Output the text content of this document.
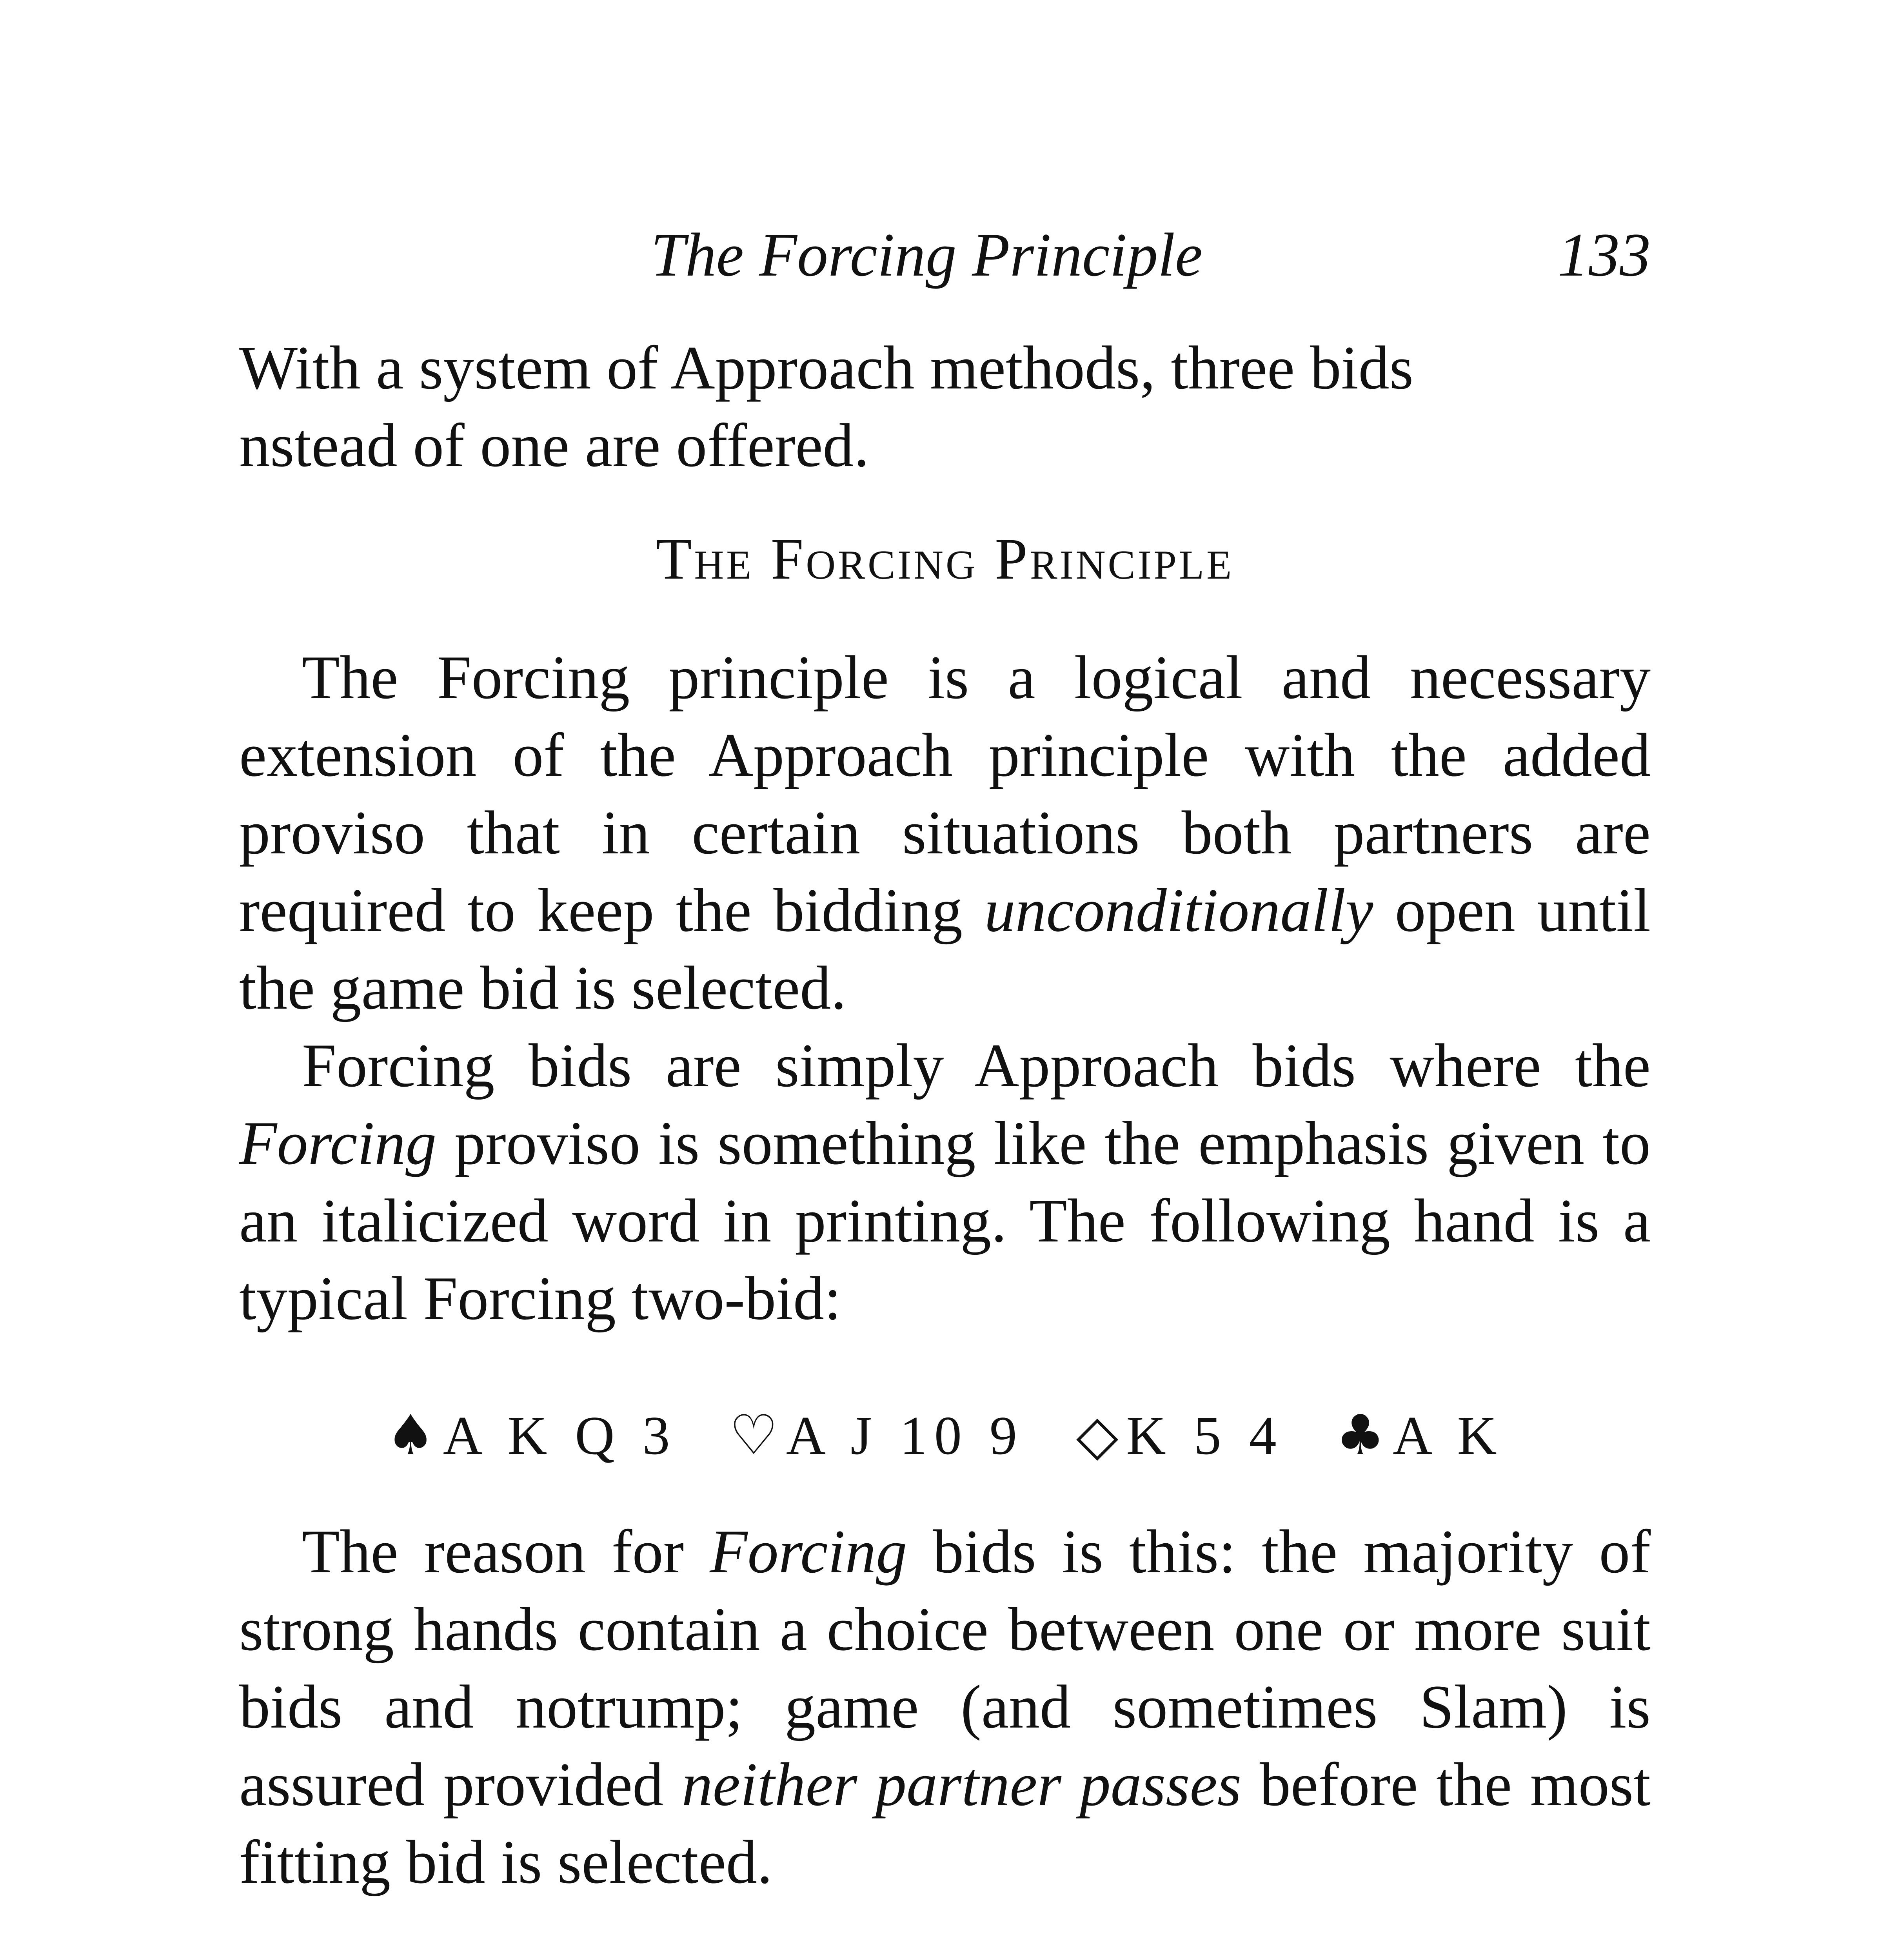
The Forcing Principle	133

With a system of Approach methods, three bids

nstead of one are offered.

The Forcing Principle

The Forcing principle is a logical and necessary extension of the Approach principle with the added proviso that in certain situations both partners are required to keep the bidding unconditionally open until the game bid is selected.

Forcing bids are simply Approach bids where the Forcing proviso is something like the emphasis given to an italicized word in printing. The following hand is a typical Forcing two-bid:

♠ A K Q 3 ♡ A J 10 9 ◇ K 5 4 ♣ A K

The reason for Forcing bids is this: the majority of strong hands contain a choice between one or more suit bids and notrump; game (and sometimes Slam) is assured provided neither partner passes before the most fitting bid is selected.
